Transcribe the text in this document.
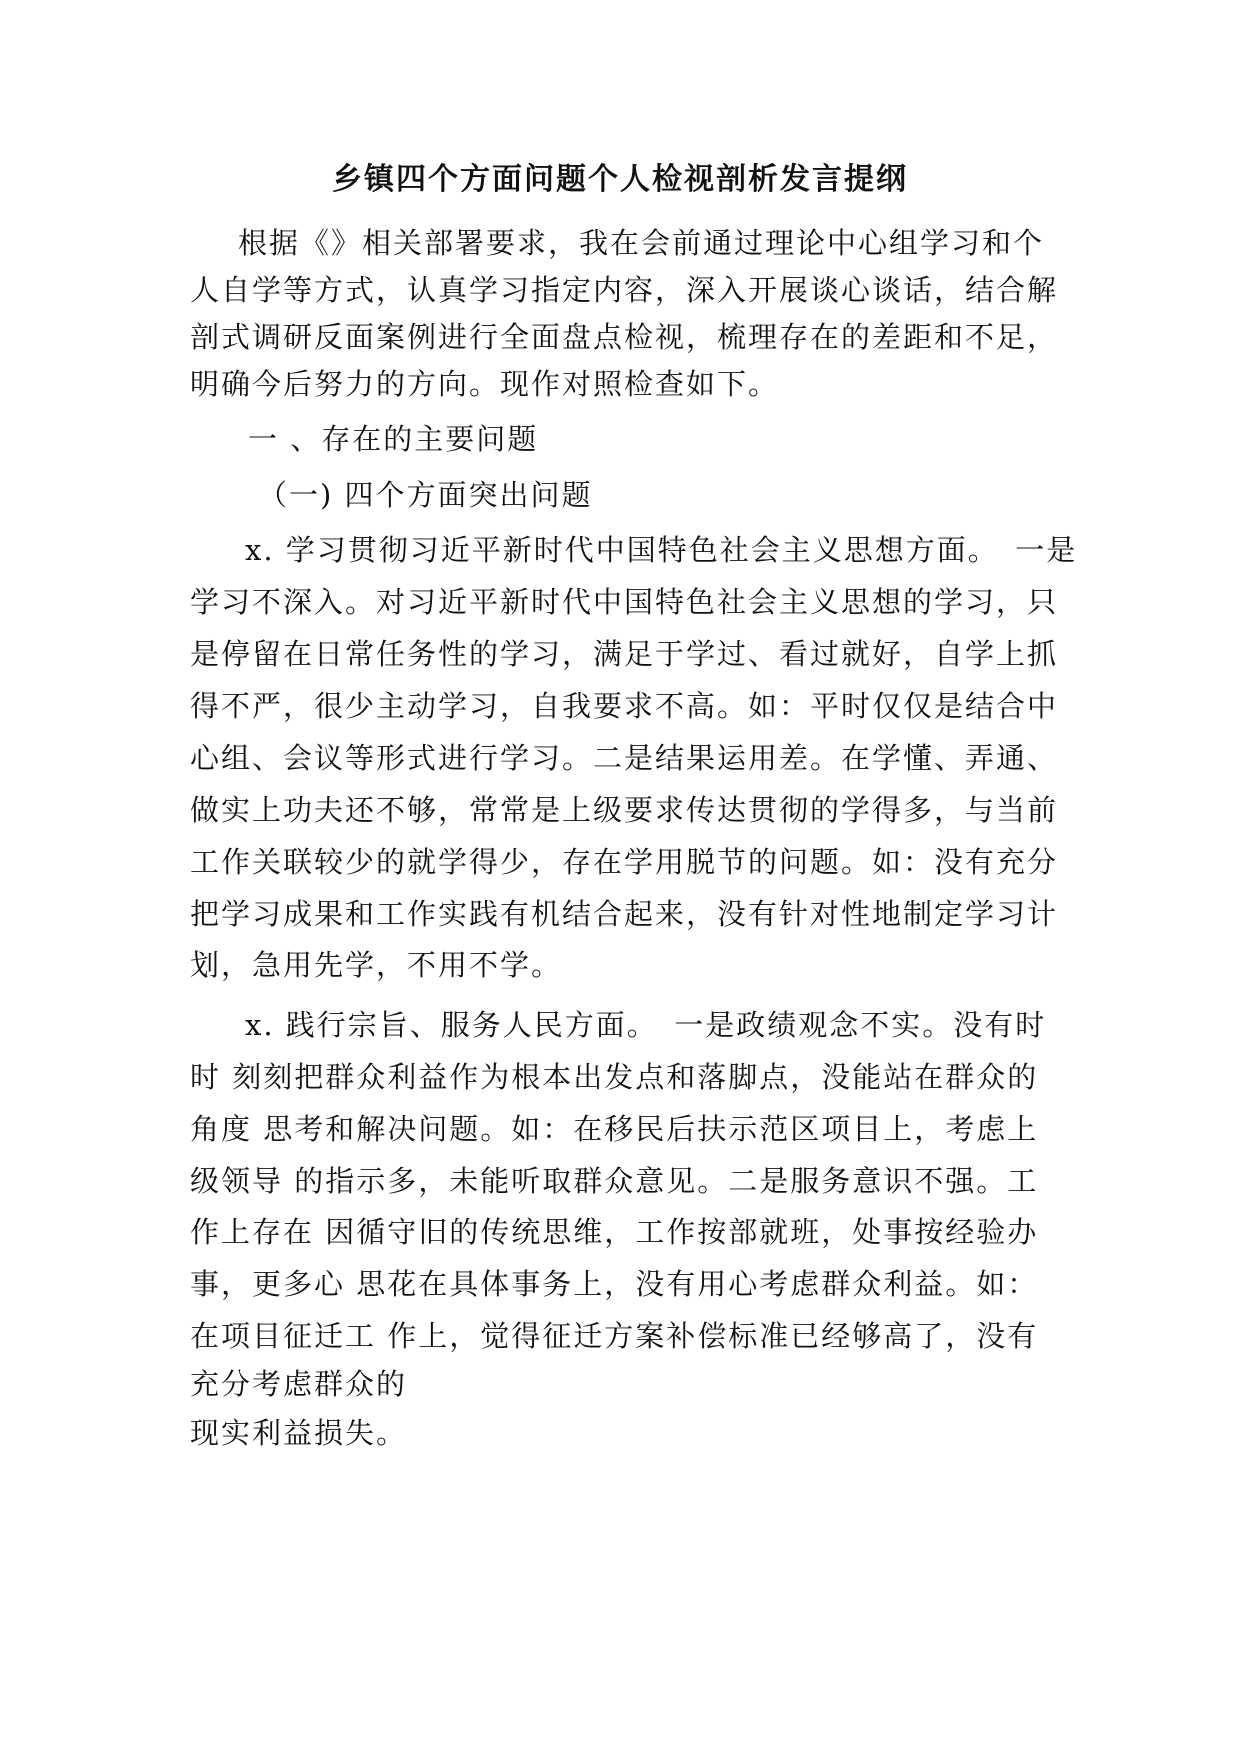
乡镇四个方面问题个人检视剖析发言提纲

根据《》相关部署要求，我在会前通过理论中心组学习和个

人自学等方式，认真学习指定内容，深入开展谈心谈话，结合解

剖式调研反面案例进行全面盘点检视，梳理存在的差距和不足，

明确今后努力的方向。现作对照检查如下。

一 、存在的主要问题

（一) 四个方面突出问题

x. 学习贯彻习近平新时代中国特色社会主义思想方面。　一是

学习不深入。对习近平新时代中国特色社会主义思想的学习，只

是停留在日常任务性的学习，满足于学过、看过就好，自学上抓

得不严，很少主动学习，自我要求不高。如：平时仅仅是结合中

心组、会议等形式进行学习。二是结果运用差。在学懂、弄通、

做实上功夫还不够，常常是上级要求传达贯彻的学得多，与当前

工作关联较少的就学得少，存在学用脱节的问题。如：没有充分

把学习成果和工作实践有机结合起来，没有针对性地制定学习计

划，急用先学，不用不学。

x. 践行宗旨、服务人民方面。　一是政绩观念不实。没有时

时 刻刻把群众利益作为根本出发点和落脚点，没能站在群众的

角度 思考和解决问题。如：在移民后扶示范区项目上，考虑上

级领导 的指示多，未能听取群众意见。二是服务意识不强。工

作上存在 因循守旧的传统思维，工作按部就班，处事按经验办

事，更多心 思花在具体事务上，没有用心考虑群众利益。如：

在项目征迁工 作上，觉得征迁方案补偿标准已经够高了，没有

充分考虑群众的

现实利益损失。
